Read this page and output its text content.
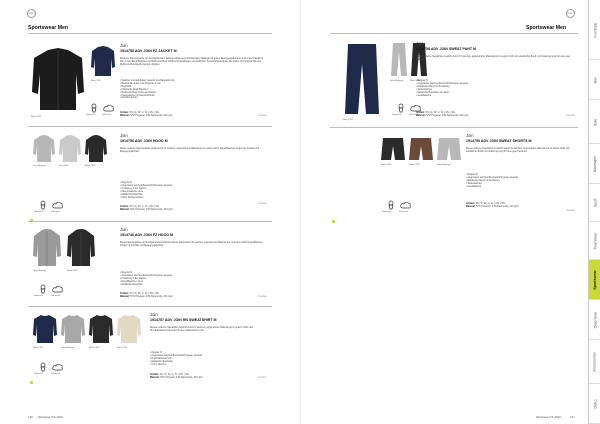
CRAFT
Sportswear Men
CRAFT
Sportswear Men
Black 9999
Navy 7391
Regular fit	Soft touch
Join
1914755 ADV JOIN FZ JACKET M
Moderne Kapuzenjacke mit durchgehendem Reißverschluss aus hochwertigem Material mit gutem Bewegungsfreiraum und cooler Passform. Vorne zwei Eingrifftaschen mit Reißverschluss. Reißverschlusslängen und seitlichem Ärmelreißverschluss. Die Jacke mit Funktion hat eine Reißverschlusstasche auf dem Rücken.
• Weiches und dehnbares Gewebe aus Baumwoll-mix
• Baumwolle außen und Polyester innen
• Regularfit
• Klassische Eingrifftaschen
• Reißverschluss hinten am Kragen
• Handytasche mit Klettverschluss
• Kontrast-Kordel
Größen: XS | S | M | L | XL | 2XL | 3XL
Material: 57% Polyester, 43% Baumwolle, 310 g/m²	1914755
Grey Melange	Grey 9501	Black 9999
Regular fit	Soft touch
Join
1914756 ADV JOIN HOOD M
Diese moderne Kapuzenjacke passt durch ihr weiches, angenehmes Material gut zu jedem Outfit. Eingrifftaschen sorgen für Komfort und Bewegungsfreiheit.
• Regular fit
• Angerautes weiches Baumwoll-Polyester-Gewebe
• Kordelzug in der Kapuze
• Kängurutasche vorne
• Elastische Bündchen
• Ohne Reißverschluss
Größen: XS | S | M | L | XL | 2XL | 3XL
Material: 57% Polyester, 43% Baumwolle, 310 g/m²
1914756
Grey Melange	Black 9999
Regular fit	Soft touch
Join
1914746 ADV JOIN FZ HOOD M
Diese Kapuzenjacke mit durchgehendem Reißverschluss passt durch ihr weiches, angenehmes Material gut zu jedem Outfit. Eingrifftaschen sorgen für Komfort und Bewegungsfreiheit.
• Regular fit
• Angerautes weiches Baumwoll-Polyester-Gewebe
• Kordelzug in der Kapuze
• Eingrifftaschen vorne
• Elastische Bündchen
Größen: XS | S | M | L | XL | 2XL | 3XL
Material: 57% Polyester, 43% Baumwolle, 310 g/m²	1914746
Navy 7391	Grey Melange	Black 9999	Sand 1205
Regular fit	Soft touch
Join
1914757 ADV JOIN RN SWEATSHIRT M
Dieses moderne Sweatshirt besticht durch ihr weiches, angenehmes Material gut zu jedem Outfit. Ein Rundhalsausschnitt sorgt für einen klassischen Look.
• Regular fit
• Angerautes weiches Baumwoll-Polyester-Gewebe
• Rundhalsausschnitt
• Elastische Bündchen
• Ohne Taschen
Größen: XS | S | M | L | XL | 2XL | 3XL
Material: 57% Polyester, 43% Baumwolle, 310 g/m²	1914757
136 Workwear F/S 2029
Navy 7391
Grey Melange	Black 9999
Regular fit	Soft touch
Join
1914758 ADV JOIN SWEAT PANT M
Diese moderne Sweathose besticht durch ihr weiches, angenehmes Material gut zu jedem Outfit. Ein elastischer Bund mit Kordelzug sorgt für eine gute Passform.
• Regular fit
• Angerautes weiches Baumwoll-Polyester-Gewebe
• Elastischer Bund mit Kordelzug
• Seitentaschen
• Elastische Bündchen am Saum
• Gesäßtasche
Größen: XS | S | M | L | XL | 2XL | 3XL
Material: 57% Polyester, 43% Baumwolle, 310 g/m²	1914758
Black 9999	Brown 2321	Grey Melange
Regular fit	Soft touch
Join
1914759 ADV JOIN SWEAT SHORTS M
Diese moderne Sweatshorts besticht durch ihr weiches, angenehmes Material gut zu jedem Outfit. Ein elastischer Bund mit Kordelzug sorgt für eine gute Passform.
• Regular fit
• Angerautes weiches Baumwoll-Polyester-Gewebe
• Elastischer Bund mit Kordelzug
• Seitentaschen
• Gesäßtasche
Größen: XS | S | M | L | XL | 2XL | 3XL
Material: 57% Polyester, 43% Baumwolle, 310 g/m²
1914759
Workwear F/S 2029	137
Frontside
Run
Bike
Baselayer
Sport
Teamwear
Sportswear
Outerwear
Accessories
Outro
